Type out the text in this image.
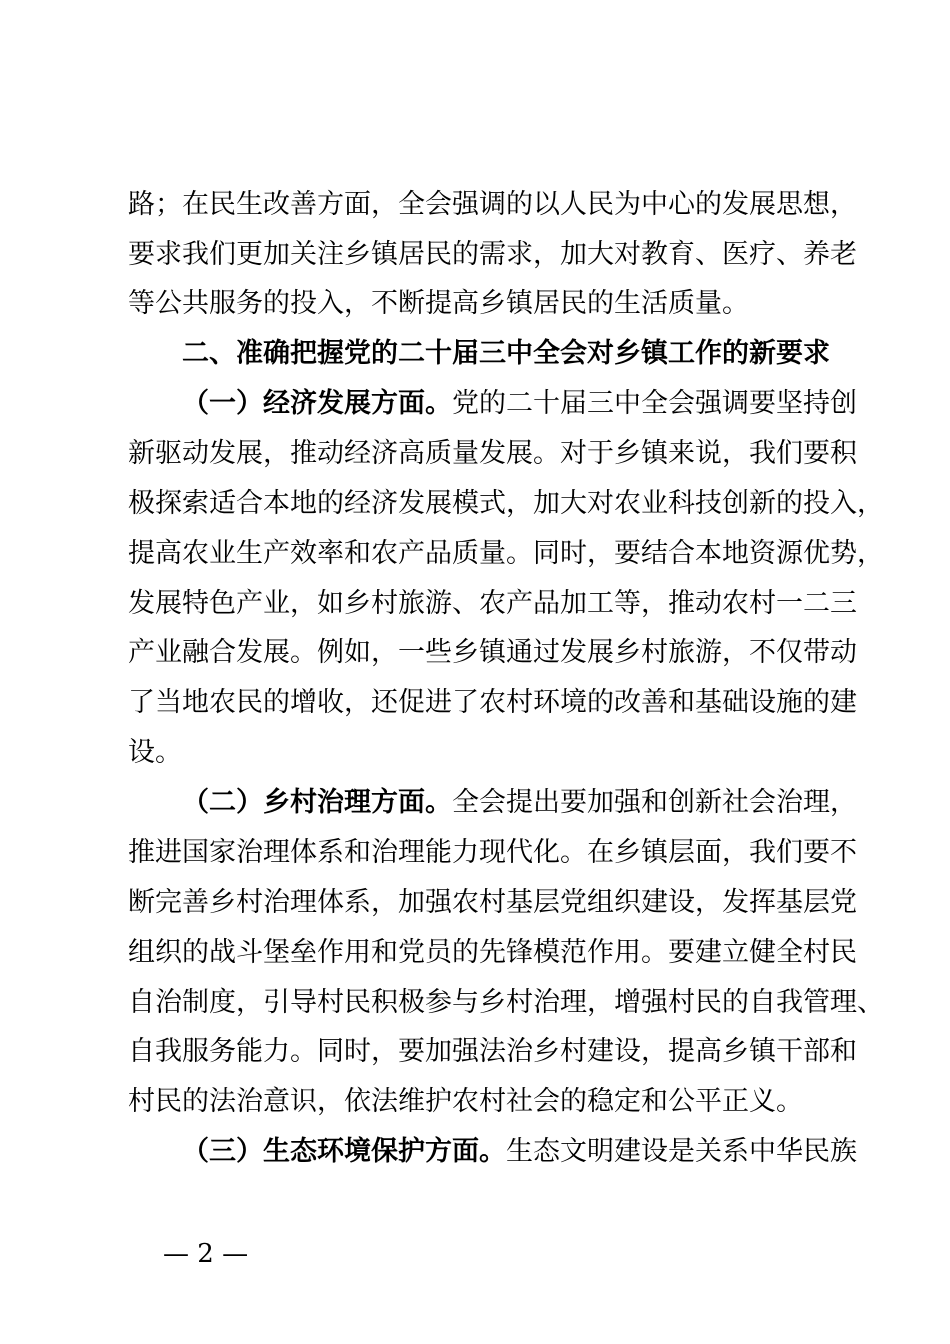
路；在民生改善方面，全会强调的以人民为中心的发展思想，
要求我们更加关注乡镇居民的需求，加大对教育、医疗、养老
等公共服务的投入，不断提高乡镇居民的生活质量。
二、准确把握党的二十届三中全会对乡镇工作的新要求
（一）经济发展方面。党的二十届三中全会强调要坚持创
新驱动发展，推动经济高质量发展。对于乡镇来说，我们要积
极探索适合本地的经济发展模式，加大对农业科技创新的投入，
提高农业生产效率和农产品质量。同时，要结合本地资源优势，
发展特色产业，如乡村旅游、农产品加工等，推动农村一二三
产业融合发展。例如，一些乡镇通过发展乡村旅游，不仅带动
了当地农民的增收，还促进了农村环境的改善和基础设施的建
设。
（二）乡村治理方面。全会提出要加强和创新社会治理，
推进国家治理体系和治理能力现代化。在乡镇层面，我们要不
断完善乡村治理体系，加强农村基层党组织建设，发挥基层党
组织的战斗堡垒作用和党员的先锋模范作用。要建立健全村民
自治制度，引导村民积极参与乡村治理，增强村民的自我管理、
自我服务能力。同时，要加强法治乡村建设，提高乡镇干部和
村民的法治意识，依法维护农村社会的稳定和公平正义。
（三）生态环境保护方面。生态文明建设是关系中华民族
— 2 —
